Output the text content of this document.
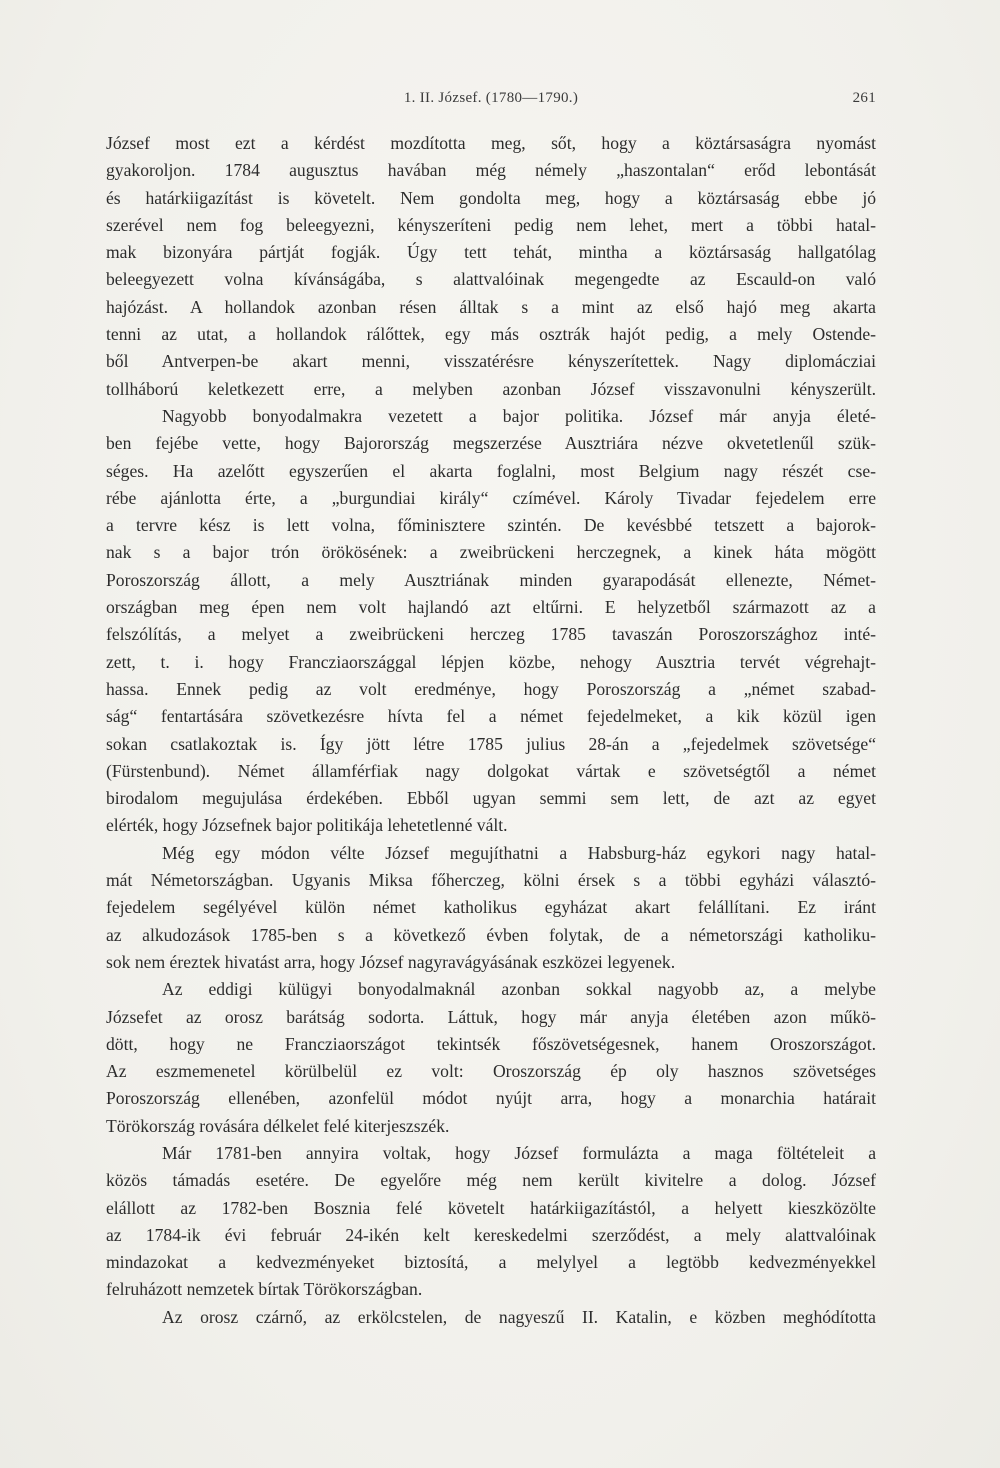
1. II. József. (1780—1790.)	261
József most ezt a kérdést mozdította meg, sőt, hogy a köztársaságra nyomást
gyakoroljon. 1784 augusztus havában még némely „haszontalan“ erőd lebontását
és határkiigazítást is követelt. Nem gondolta meg, hogy a köztársaság ebbe jó
szerével nem fog beleegyezni, kényszeríteni pedig nem lehet, mert a többi hatal-
mak bizonyára pártját fogják. Úgy tett tehát, mintha a köztársaság hallgatólag
beleegyezett volna kívánságába, s alattvalóinak megengedte az Escauld-on való
hajózást. A hollandok azonban résen álltak s a mint az első hajó meg akarta
tenni az utat, a hollandok rálőttek, egy más osztrák hajót pedig, a mely Ostende-
ből Antverpen-be akart menni, visszatérésre kényszerítettek. Nagy diplomácziai
tollháború keletkezett erre, a melyben azonban József visszavonulni kényszerült.
Nagyobb bonyodalmakra vezetett a bajor politika. József már anyja életé-
ben fejébe vette, hogy Bajorország megszerzése Ausztriára nézve okvetetlenűl szük-
séges. Ha azelőtt egyszerűen el akarta foglalni, most Belgium nagy részét cse-
rébe ajánlotta érte, a „burgundiai király“ czímével. Károly Tivadar fejedelem erre
a tervre kész is lett volna, főminisztere szintén. De kevésbbé tetszett a bajorok-
nak s a bajor trón örökösének: a zweibrückeni herczegnek, a kinek háta mögött
Poroszország állott, a mely Ausztriának minden gyarapodását ellenezte, Német-
országban meg épen nem volt hajlandó azt eltűrni. E helyzetből származott az a
felszólítás, a melyet a zweibrückeni herczeg 1785 tavaszán Poroszországhoz inté-
zett, t. i. hogy Francziaországgal lépjen közbe, nehogy Ausztria tervét végrehajt-
hassa. Ennek pedig az volt eredménye, hogy Poroszország a „német szabad-
ság“ fentartására szövetkezésre hívta fel a német fejedelmeket, a kik közül igen
sokan csatlakoztak is. Így jött létre 1785 julius 28-án a „fejedelmek szövetsége“
(Fürstenbund). Német államférfiak nagy dolgokat vártak e szövetségtől a német
birodalom megujulása érdekében. Ebből ugyan semmi sem lett, de azt az egyet
elérték, hogy Józsefnek bajor politikája lehetetlenné vált.
Még egy módon vélte József megujíthatni a Habsburg-ház egykori nagy hatal-
mát Németországban. Ugyanis Miksa főherczeg, kölni érsek s a többi egyházi választó-
fejedelem segélyével külön német katholikus egyházat akart felállítani. Ez iránt
az alkudozások 1785-ben s a következő évben folytak, de a németországi katholiku-
sok nem éreztek hivatást arra, hogy József nagyravágyásának eszközei legyenek.
Az eddigi külügyi bonyodalmaknál azonban sokkal nagyobb az, a melybe
Józsefet az orosz barátság sodorta. Láttuk, hogy már anyja életében azon műkö-
dött, hogy ne Francziaországot tekintsék főszövetségesnek, hanem Oroszországot.
Az eszmemenetel körülbelül ez volt: Oroszország ép oly hasznos szövetséges
Poroszország ellenében, azonfelül módot nyújt arra, hogy a monarchia határait
Törökország rovására délkelet felé kiterjeszszék.
Már 1781-ben annyira voltak, hogy József formulázta a maga föltételeit a
közös támadás esetére. De egyelőre még nem került kivitelre a dolog. József
elállott az 1782-ben Bosznia felé követelt határkiigazítástól, a helyett kieszközölte
az 1784-ik évi február 24-ikén kelt kereskedelmi szerződést, a mely alattvalóinak
mindazokat a kedvezményeket biztosítá, a melylyel a legtöbb kedvezményekkel
felruházott nemzetek bírtak Törökországban.
Az orosz czárnő, az erkölcstelen, de nagyeszű II. Katalin, e közben meghódította
